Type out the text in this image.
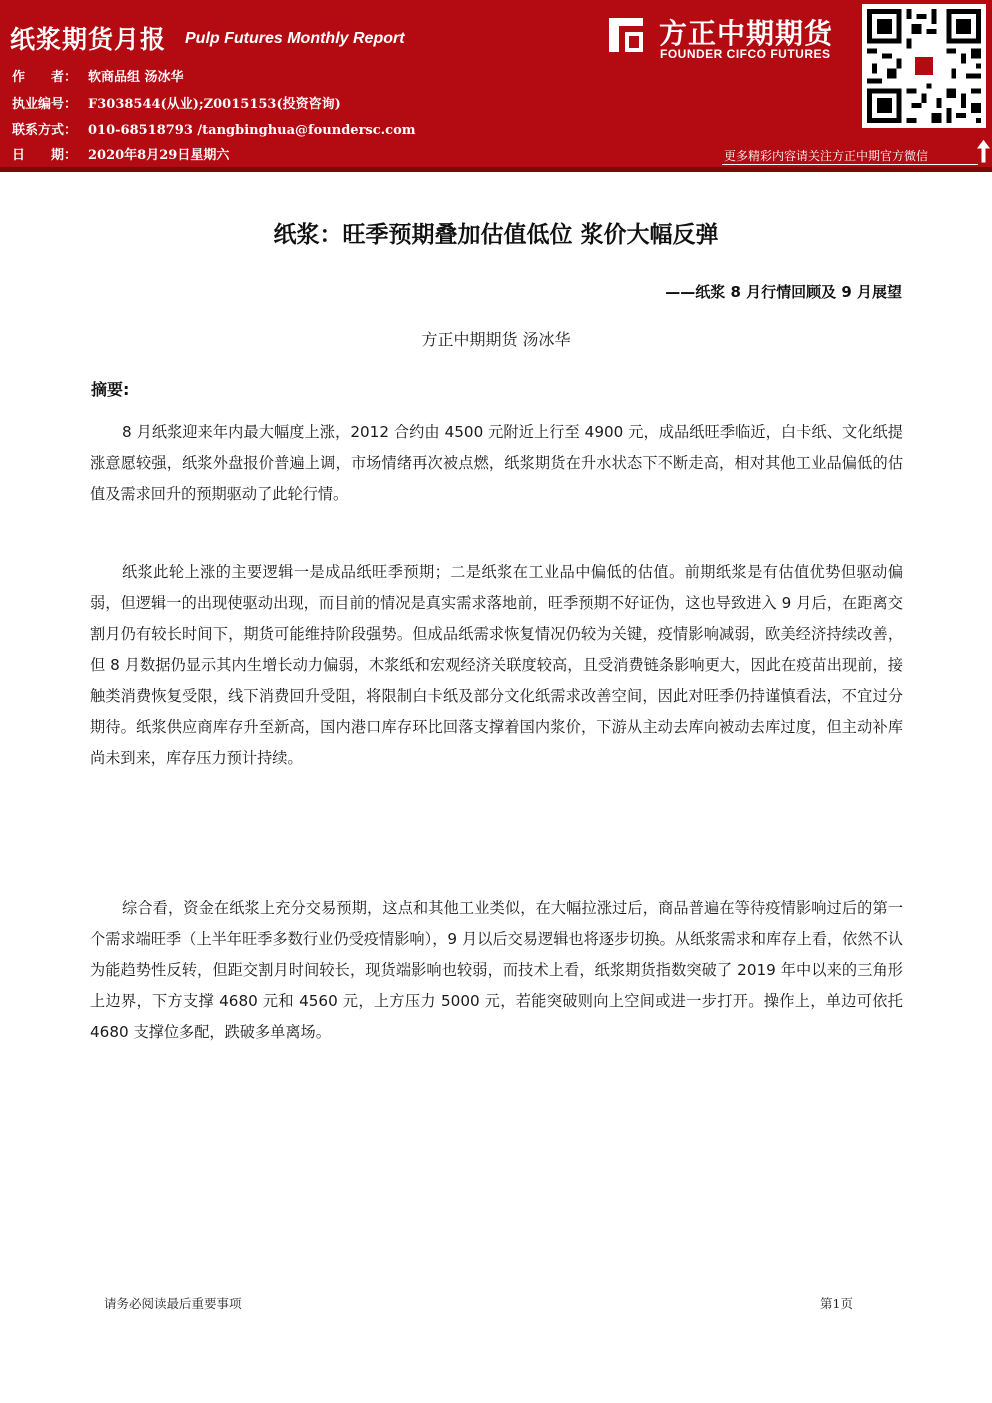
纸浆期货月报 Pulp Futures Monthly Report
作　　者： 软商品组 汤冰华
执业编号： F3038544(从业);Z0015153(投资咨询)
联系方式： 010-68518793 /tangbinghua@foundersc.com
日　　期： 2020年8月29日星期六
方正中期期货
FOUNDER CIFCO FUTURES
更多精彩内容请关注方正中期官方微信
纸浆：旺季预期叠加估值低位 浆价大幅反弹
——纸浆 8 月行情回顾及 9 月展望
方正中期期货 汤冰华
摘要:

8 月纸浆迎来年内最大幅度上涨，2012 合约由 4500 元附近上行至 4900 元，成品纸旺季临近，白卡纸、文化纸提涨意愿较强，纸浆外盘报价普遍上调，市场情绪再次被点燃，纸浆期货在升水状态下不断走高，相对其他工业品偏低的估值及需求回升的预期驱动了此轮行情。

纸浆此轮上涨的主要逻辑一是成品纸旺季预期；二是纸浆在工业品中偏低的估值。前期纸浆是有估值优势但驱动偏弱，但逻辑一的出现使驱动出现，而目前的情况是真实需求落地前，旺季预期不好证伪，这也导致进入 9 月后，在距离交割月仍有较长时间下，期货可能维持阶段强势。但成品纸需求恢复情况仍较为关键，疫情影响减弱，欧美经济持续改善，但 8 月数据仍显示其内生增长动力偏弱，木浆纸和宏观经济关联度较高，且受消费链条影响更大，因此在疫苗出现前，接触类消费恢复受限，线下消费回升受阻，将限制白卡纸及部分文化纸需求改善空间，因此对旺季仍持谨慎看法，不宜过分期待。纸浆供应商库存升至新高，国内港口库存环比回落支撑着国内浆价，下游从主动去库向被动去库过度，但主动补库尚未到来，库存压力预计持续。

综合看，资金在纸浆上充分交易预期，这点和其他工业类似，在大幅拉涨过后，商品普遍在等待疫情影响过后的第一个需求端旺季（上半年旺季多数行业仍受疫情影响），9 月以后交易逻辑也将逐步切换。从纸浆需求和库存上看，依然不认为能趋势性反转，但距交割月时间较长，现货端影响也较弱，而技术上看，纸浆期货指数突破了 2019 年中以来的三角形上边界，下方支撑 4680 元和 4560 元，上方压力 5000 元，若能突破则向上空间或进一步打开。操作上，单边可依托 4680 支撑位多配，跌破多单离场。

请务必阅读最后重要事项	第1页
